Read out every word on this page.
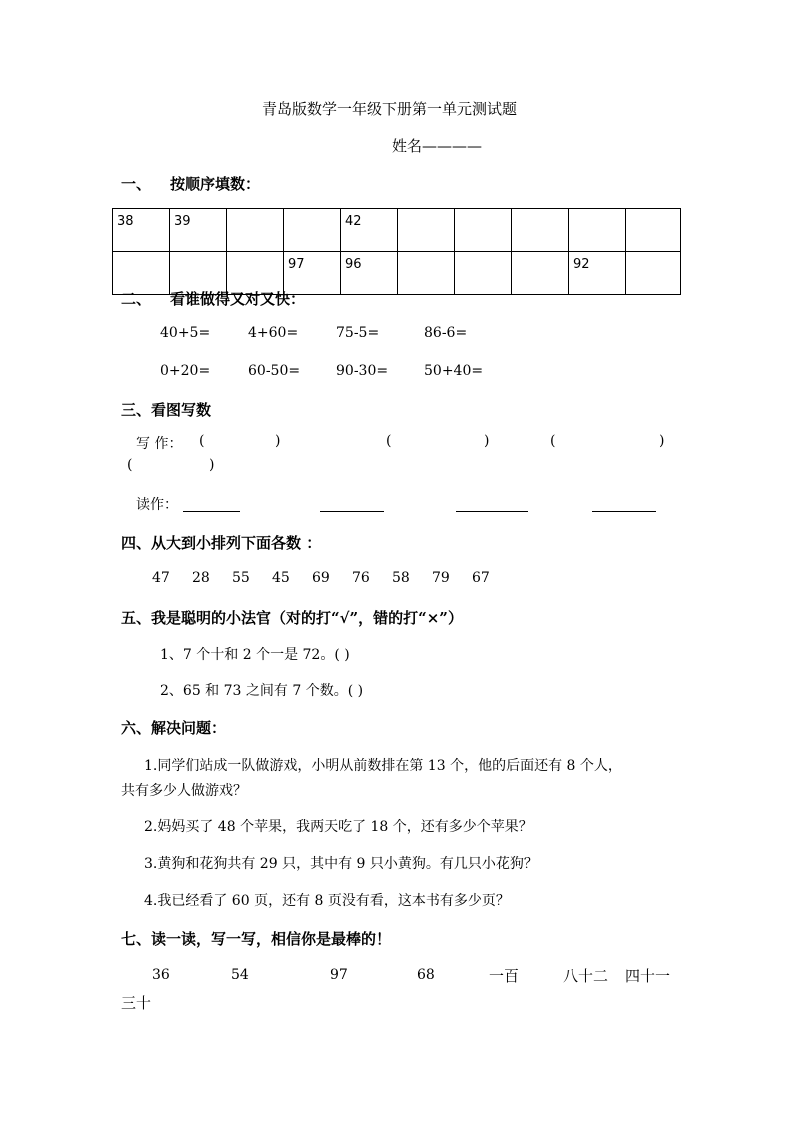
青岛版数学一年级下册第一单元测试题
姓名————
一、 按顺序填数：
38	39			42					
			97	96				92	
二、 看谁做得又对又快：
40+5=	4+60=	75-5=	86-6=
0+20=	60-50=	90-30=	50+40=
三、看图写数
写 作： (	)	(	)	(	)
(	)
读作：
四、从大到小排列下面各数 ：
47 28 55 45 69 76 58 79 67
五、我是聪明的小法官（对的打“√”，错的打“×”）
1、7 个十和 2 个一是 72。( )
2、65 和 73 之间有 7 个数。( )
六、解决问题：
1.同学们站成一队做游戏，小明从前数排在第 13 个，他的后面还有 8 个人，
共有多少人做游戏？
2.妈妈买了 48 个苹果，我两天吃了 18 个，还有多少个苹果？
3.黄狗和花狗共有 29 只，其中有 9 只小黄狗。有几只小花狗？
4.我已经看了 60 页，还有 8 页没有看，这本书有多少页？
七、读一读，写一写，相信你是最棒的！
36	54	97	68	一百	八十二 四十一
三十
